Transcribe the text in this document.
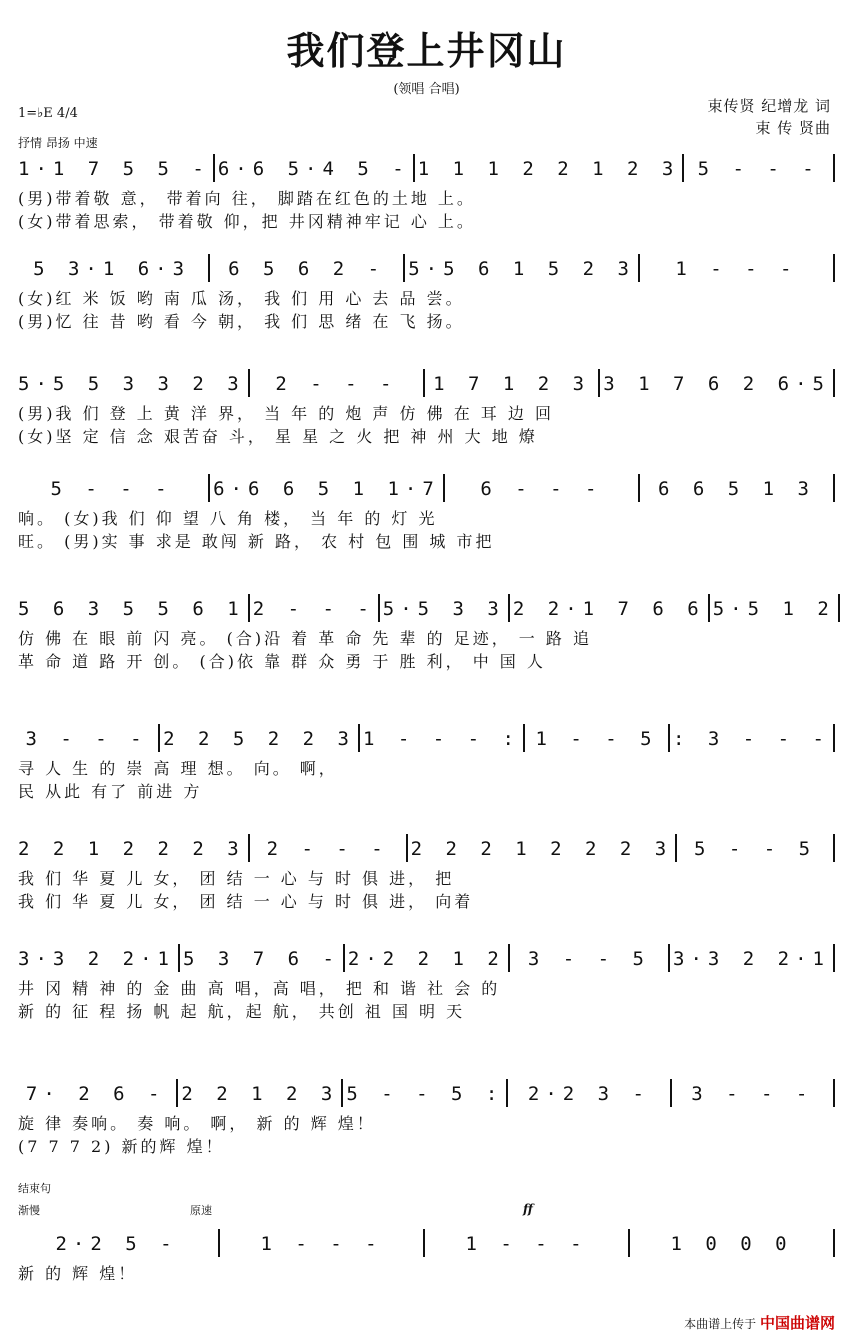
我们登上井冈山
(领唱 合唱)
束传贤 纪增龙 词
束 传 贤曲
1=♭E 4/4
抒情 昂扬 中速
1·1 7 5 5 - 6·6 5·4 5 - 1 1 1 2 2 1 2 3 5 - - -
(男)带着敬 意， 带着向 往， 脚踏在红色的土地 上。
(女)带着思索， 带着敬 仰，把 井冈精神牢记 心 上。
5 3·1 6·3	6 5 6 2 -	5·5 6 1 5 2 3	1 - - -
(女)红 米 饭 哟 南 瓜 汤， 我 们 用 心 去 品 尝。
(男)忆 往 昔 哟 看 今 朝， 我 们 思 绪 在 飞 扬。
5·5 5 3 3 2 3	2 - - -	1 7 1 2 3 3 1 7 6 2 6·5
(男)我 们 登 上 黄 洋 界， 当 年 的 炮 声 仿 佛 在 耳 边 回
(女)坚 定 信 念 艰苦奋 斗， 星 星 之 火 把 神 州 大 地 燎
5 - - -	6·6 6 5 1 1·7	6 - - -	6 6 5 1 3
响。 (女)我 们 仰 望 八 角 楼， 当 年 的 灯 光
旺。 (男)实 事 求是 敢闯 新 路， 农 村 包 围 城 市把
5 6 3 5 5 6 1 2 - - - 5·5 3 3 2 2·1 7 6 6 5·5 1 2
仿 佛 在 眼 前 闪 亮。 (合)沿 着 革 命 先 辈 的 足迹， 一 路 追
革 命 道 路 开 创。 (合)依 靠 群 众 勇 于 胜 利， 中 国 人
3 - - - 2 2 5 2 2 3 1 - - - : 1 - - 5 : 3 - - -
寻 人 生 的 崇 高 理 想。 向。 啊，
民 从此 有了 前进 方
2 2 1 2 2 2 3	2 - - -	2 2 2 1 2 2 2 3	5 - - 5
我 们 华 夏 儿 女， 团 结 一 心 与 时 俱 进， 把
我 们 华 夏 儿 女， 团 结 一 心 与 时 俱 进， 向着
3·3 2 2·1 5 3 7 6 - 2·2 2 1 2	3 - - 5	3·3 2 2·1
井 冈 精 神 的 金 曲 高 唱，高 唱， 把 和 谐 社 会 的
新 的 征 程 扬 帆 起 航，起 航， 共创 祖 国 明 天
7· 2 6 - 2 2 1 2 3 5 - - 5 :	2·2 3 -	3 - - -
旋 律 奏响。 奏 响。 啊， 新 的 辉 煌！
(7 7 7 2) 新的辉 煌！
2·2 5 -	1 - - -	1 - - -	1 0 0 0
新 的 辉 煌！
本曲谱上传于 中国曲谱网
结束句
渐慢	原速	ff
